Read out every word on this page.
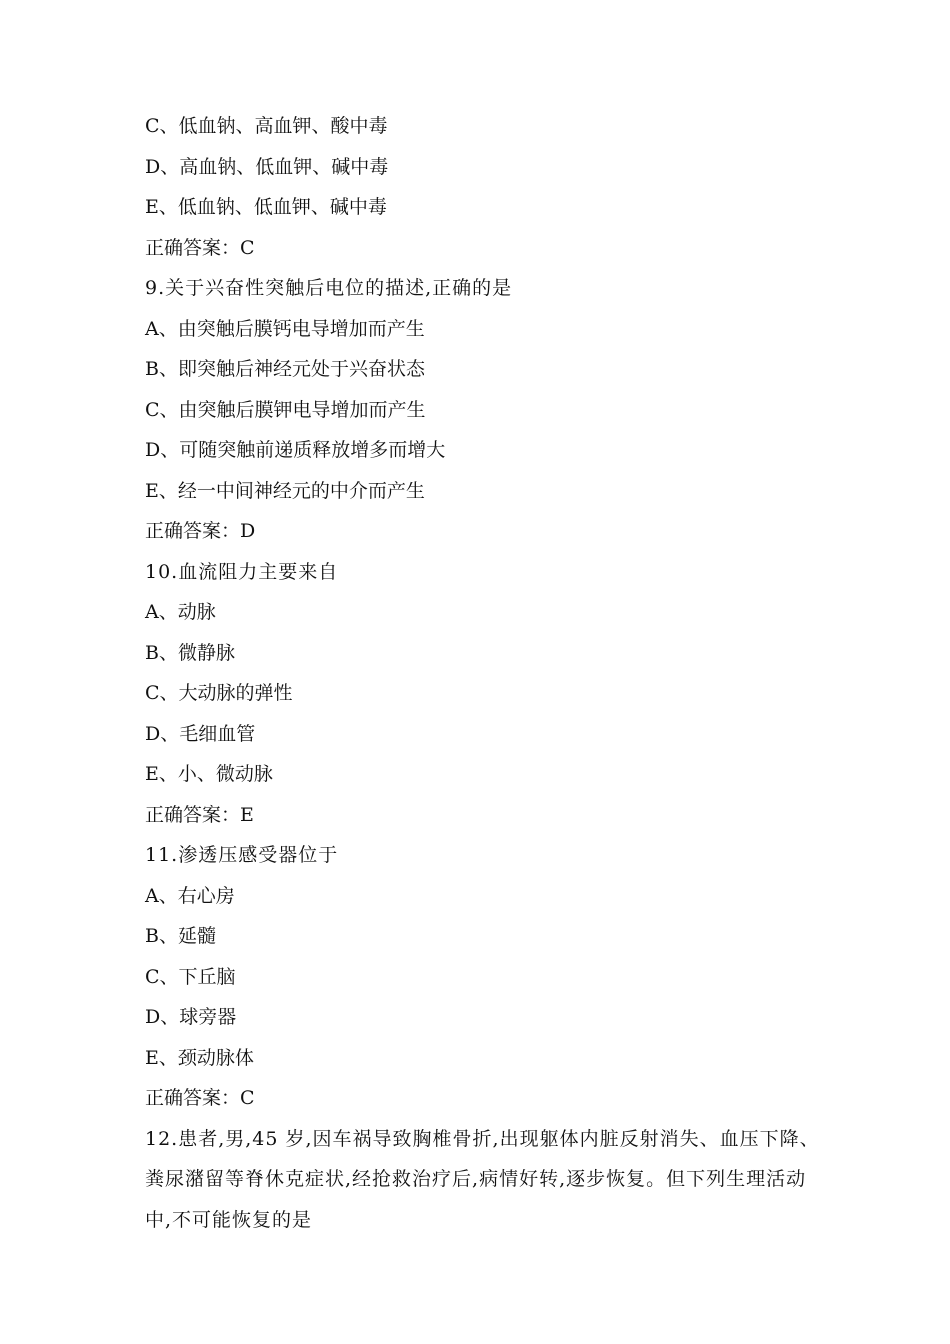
C、低血钠、高血钾、酸中毒
D、高血钠、低血钾、碱中毒
E、低血钠、低血钾、碱中毒
正确答案：C
9.关于兴奋性突触后电位的描述,正确的是
A、由突触后膜钙电导增加而产生
B、即突触后神经元处于兴奋状态
C、由突触后膜钾电导增加而产生
D、可随突触前递质释放增多而增大
E、经一中间神经元的中介而产生
正确答案：D
10.血流阻力主要来自
A、动脉
B、微静脉
C、大动脉的弹性
D、毛细血管
E、小、微动脉
正确答案：E
11.渗透压感受器位于
A、右心房
B、延髓
C、下丘脑
D、球旁器
E、颈动脉体
正确答案：C
12.患者,男,45 岁,因车祸导致胸椎骨折,出现躯体内脏反射消失、血压下降、粪尿潴留等脊休克症状,经抢救治疗后,病情好转,逐步恢复。但下列生理活动中,不可能恢复的是
